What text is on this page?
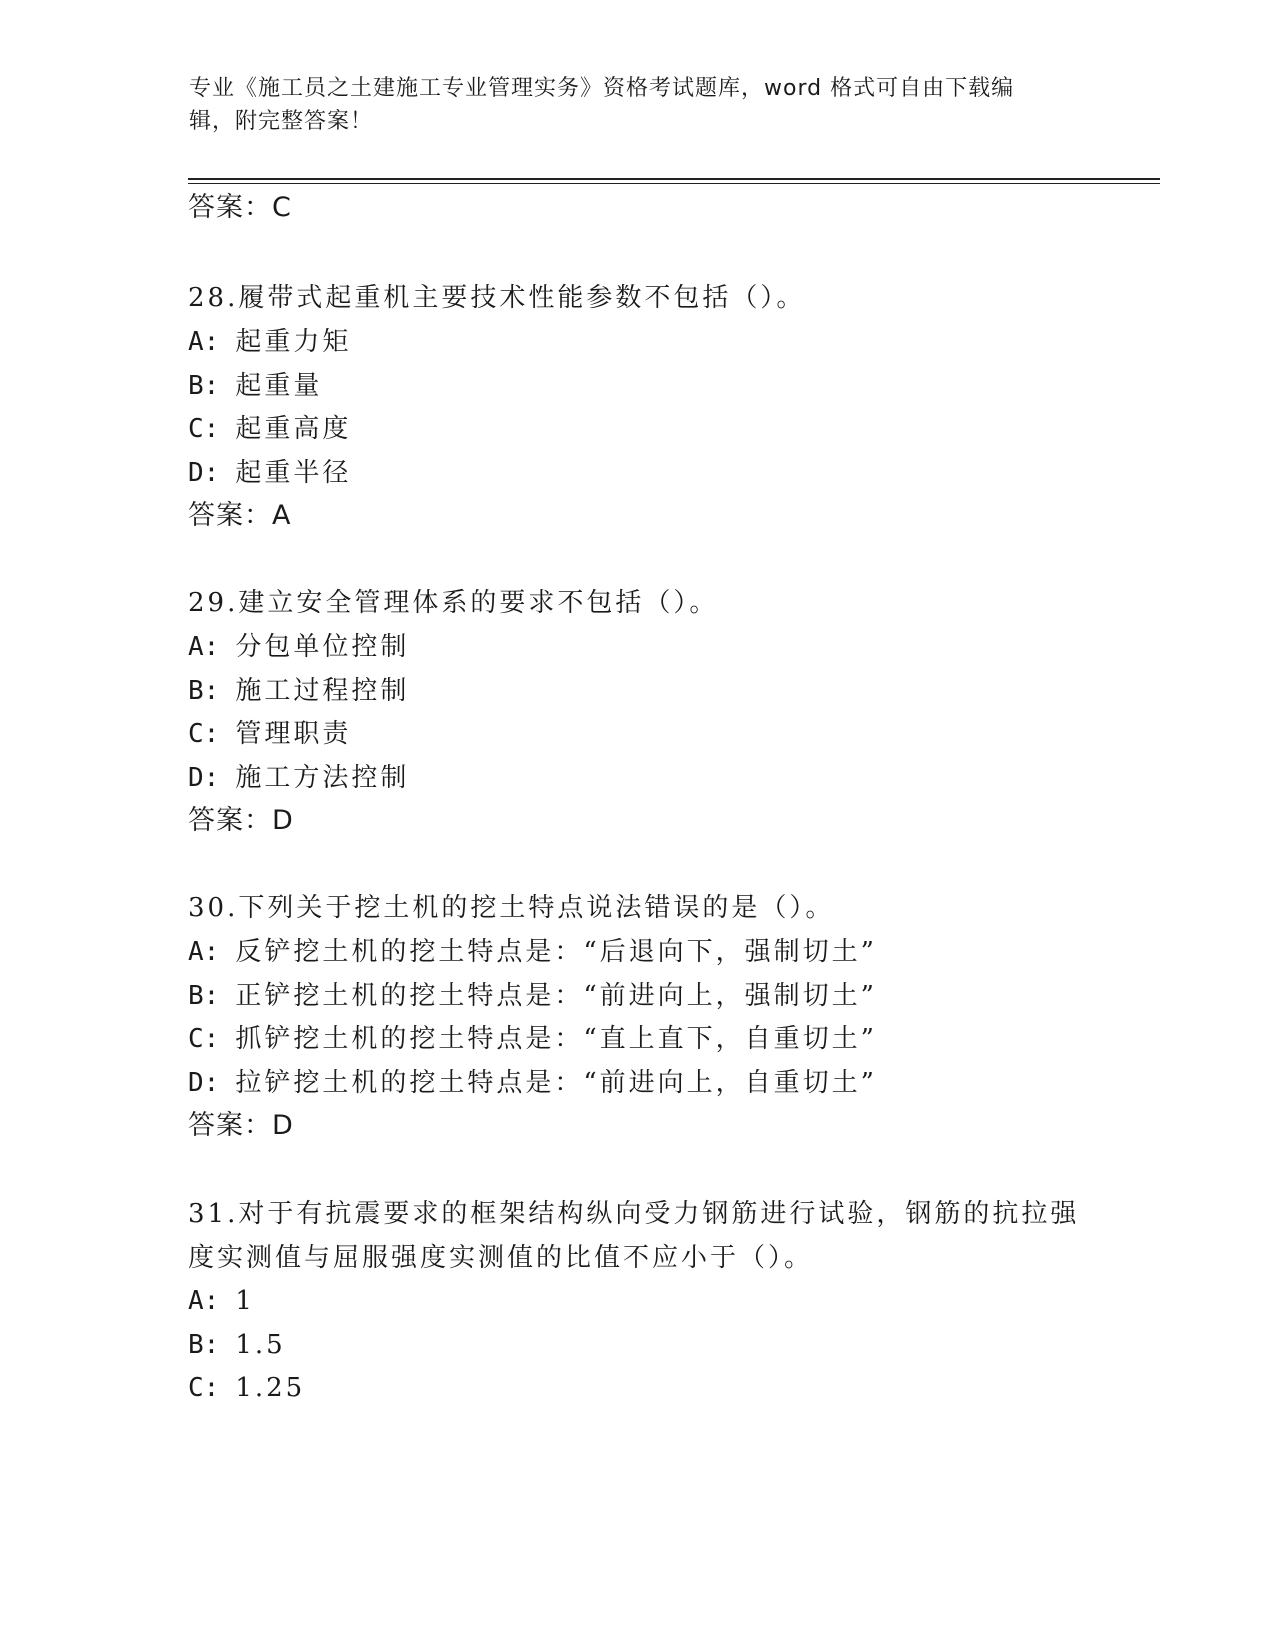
专业《施工员之土建施工专业管理实务》资格考试题库，word 格式可自由下载编
辑，附完整答案！
答案：C
28.履带式起重机主要技术性能参数不包括（）。
A: 起重力矩
B: 起重量
C: 起重高度
D: 起重半径
答案：A
29.建立安全管理体系的要求不包括（）。
A: 分包单位控制
B: 施工过程控制
C: 管理职责
D: 施工方法控制
答案：D
30.下列关于挖土机的挖土特点说法错误的是（）。
A: 反铲挖土机的挖土特点是：“后退向下，强制切土”
B: 正铲挖土机的挖土特点是：“前进向上，强制切土”
C: 抓铲挖土机的挖土特点是：“直上直下，自重切土”
D: 拉铲挖土机的挖土特点是：“前进向上，自重切土”
答案：D
31.对于有抗震要求的框架结构纵向受力钢筋进行试验，钢筋的抗拉强
度实测值与屈服强度实测值的比值不应小于（）。
A: 1
B: 1.5
C: 1.25
